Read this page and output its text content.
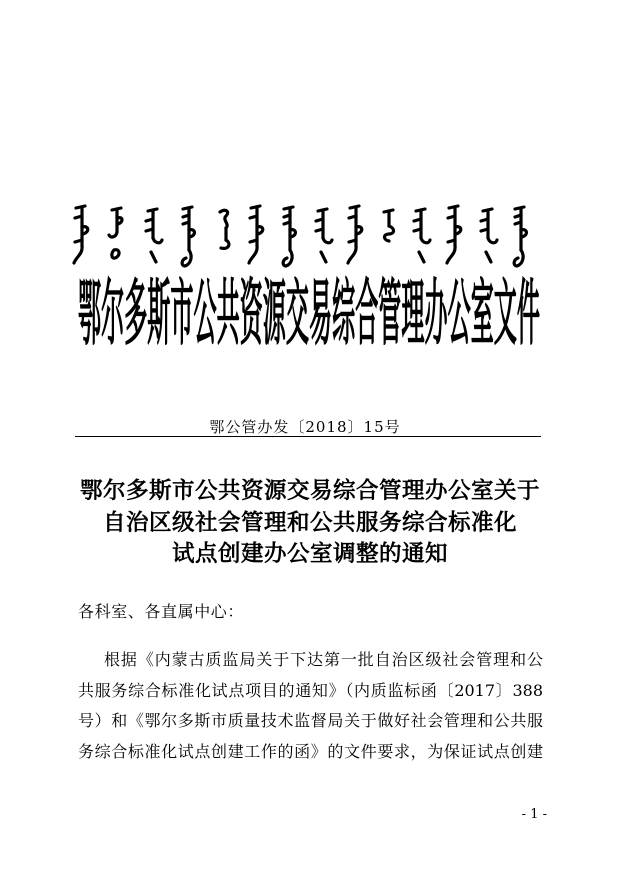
鄂尔多斯市公共资源交易综合管理办公室文件
鄂公管办发〔2018〕15号
鄂尔多斯市公共资源交易综合管理办公室关于
自治区级社会管理和公共服务综合标准化
试点创建办公室调整的通知
各科室、各直属中心：
根据《内蒙古质监局关于下达第一批自治区级社会管理和公
共服务综合标准化试点项目的通知》（内质监标函〔2017〕388
号）和《鄂尔多斯市质量技术监督局关于做好社会管理和公共服
务综合标准化试点创建工作的函》的文件要求，为保证试点创建
- 1 -
